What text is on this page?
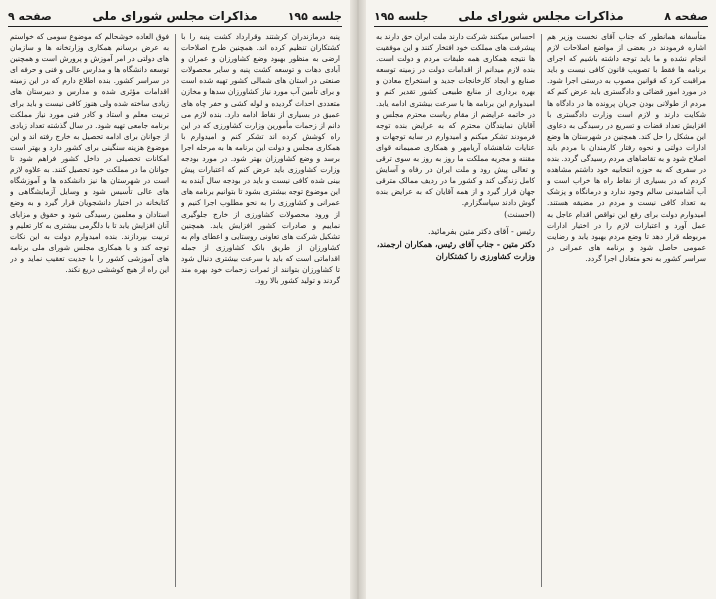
جلسه ۱۹۵
مذاکرات مجلس شورای ملی
صفحه ۹
پنبه درمازندران کرشتند وقرارداد کشت پنبه را با کشتکاران تنظیم کرده اند. همچنین طرح اصلاحات ارضی به منظور بهبود وضع کشاورزان و عمران و آبادی دهات و توسعه کشت پنبه و سایر محصولات صنعتی در استان های شمالی کشور تهیه شده است و برای تأمین آب مورد نیاز کشاورزان سدها و مخازن متعددی احداث گردیده و لوله کشی و حفر چاه های عمیق در بسیاری از نقاط ادامه دارد. بنده لازم می دانم از زحمات مأمورین وزارت کشاورزی که در این راه کوشش کرده اند تشکر کنم و امیدوارم با همکاری مجلس و دولت این برنامه ها به مرحله اجرا برسد و وضع کشاورزان بهتر شود. در مورد بودجه وزارت کشاورزی باید عرض کنم که اعتبارات پیش بینی شده کافی نیست و باید در بودجه سال آینده به این موضوع توجه بیشتری بشود تا بتوانیم برنامه های عمرانی و کشاورزی را به نحو مطلوب اجرا کنیم و از ورود محصولات کشاورزی از خارج جلوگیری نماییم و صادرات کشور افزایش یابد. همچنین تشکیل شرکت های تعاونی روستایی و اعطای وام به کشاورزان از طریق بانک کشاورزی از جمله اقداماتی است که باید با سرعت بیشتری دنبال شود تا کشاورزان بتوانند از ثمرات زحمات خود بهره مند گردند و تولید کشور بالا رود.
فوق العاده خوشحالم که موضوع سومی که خواستم به عرض برسانم همکاری وزارتخانه ها و سازمان های دولتی در امر آموزش و پرورش است و همچنین توسعه دانشگاه ها و مدارس عالی و فنی و حرفه ای در سراسر کشور. بنده اطلاع دارم که در این زمینه اقدامات مؤثری شده و مدارس و دبیرستان های زیادی ساخته شده ولی هنوز کافی نیست و باید برای تربیت معلم و استاد و کادر فنی مورد نیاز مملکت برنامه جامعی تهیه شود. در سال گذشته تعداد زیادی از جوانان برای ادامه تحصیل به خارج رفته اند و این موضوع هزینه سنگینی برای کشور دارد و بهتر است امکانات تحصیلی در داخل کشور فراهم شود تا جوانان ما در مملکت خود تحصیل کنند. به علاوه لازم است در شهرستان ها نیز دانشکده ها و آموزشگاه های عالی تأسیس شود و وسایل آزمایشگاهی و کتابخانه در اختیار دانشجویان قرار گیرد و به وضع استادان و معلمین رسیدگی شود و حقوق و مزایای آنان افزایش یابد تا با دلگرمی بیشتری به کار تعلیم و تربیت بپردازند. بنده امیدوارم دولت به این نکات توجه کند و با همکاری مجلس شورای ملی برنامه های آموزشی کشور را با جدیت تعقیب نماید و در این راه از هیچ کوششی دریغ نکند.
صفحه ۸
مذاکرات مجلس شورای ملی
جلسه ۱۹۵
متأسفانه همانطور که جناب آقای نخست وزیر هم اشاره فرمودند در بعضی از مواضع اصلاحات لازم انجام نشده و ما باید توجه داشته باشیم که اجرای برنامه ها فقط با تصویب قانون کافی نیست و باید مراقبت کرد که قوانین مصوب به درستی اجرا شود. در مورد امور قضائی و دادگستری باید عرض کنم که مردم از طولانی بودن جریان پرونده ها در دادگاه ها شکایت دارند و لازم است وزارت دادگستری با افزایش تعداد قضات و تسریع در رسیدگی به دعاوی این مشکل را حل کند. همچنین در شهرستان ها وضع ادارات دولتی و نحوه رفتار کارمندان با مردم باید اصلاح شود و به تقاضاهای مردم رسیدگی گردد. بنده در سفری که به حوزه انتخابیه خود داشتم مشاهده کردم که در بسیاری از نقاط راه ها خراب است و آب آشامیدنی سالم وجود ندارد و درمانگاه و پزشک به تعداد کافی نیست و مردم در مضیقه هستند. امیدوارم دولت برای رفع این نواقص اقدام عاجل به عمل آورد و اعتبارات لازم را در اختیار ادارات مربوطه قرار دهد تا وضع مردم بهبود یابد و رضایت عمومی حاصل شود و برنامه های عمرانی در سراسر کشور به نحو متعادل اجرا گردد.
احساس میکنند شرکت دارند ملت ایران حق دارند به پیشرفت های مملکت خود افتخار کنند و این موفقیت ها نتیجه همکاری همه طبقات مردم و دولت است. بنده لازم میدانم از اقدامات دولت در زمینه توسعه صنایع و ایجاد کارخانجات جدید و استخراج معادن و بهره برداری از منابع طبیعی کشور تقدیر کنم و امیدوارم این برنامه ها با سرعت بیشتری ادامه یابد. در خاتمه عرایضم از مقام ریاست محترم مجلس و آقایان نمایندگان محترم که به عرایض بنده توجه فرمودند تشکر میکنم و امیدوارم در سایه توجهات و عنایات شاهنشاه آریامهر و همکاری صمیمانه قوای مقننه و مجریه مملکت ما روز به روز به سوی ترقی و تعالی پیش رود و ملت ایران در رفاه و آسایش کامل زندگی کند و کشور ما در ردیف ممالک مترقی جهان قرار گیرد و از همه آقایان که به عرایض بنده گوش دادند سپاسگزارم.
(احسنت)
رئیس - آقای دکتر متین بفرمائید.
دکتر متین - جناب آقای رئیس، همکاران ارجمند، وزارت کشاورزی را کشتکاران
